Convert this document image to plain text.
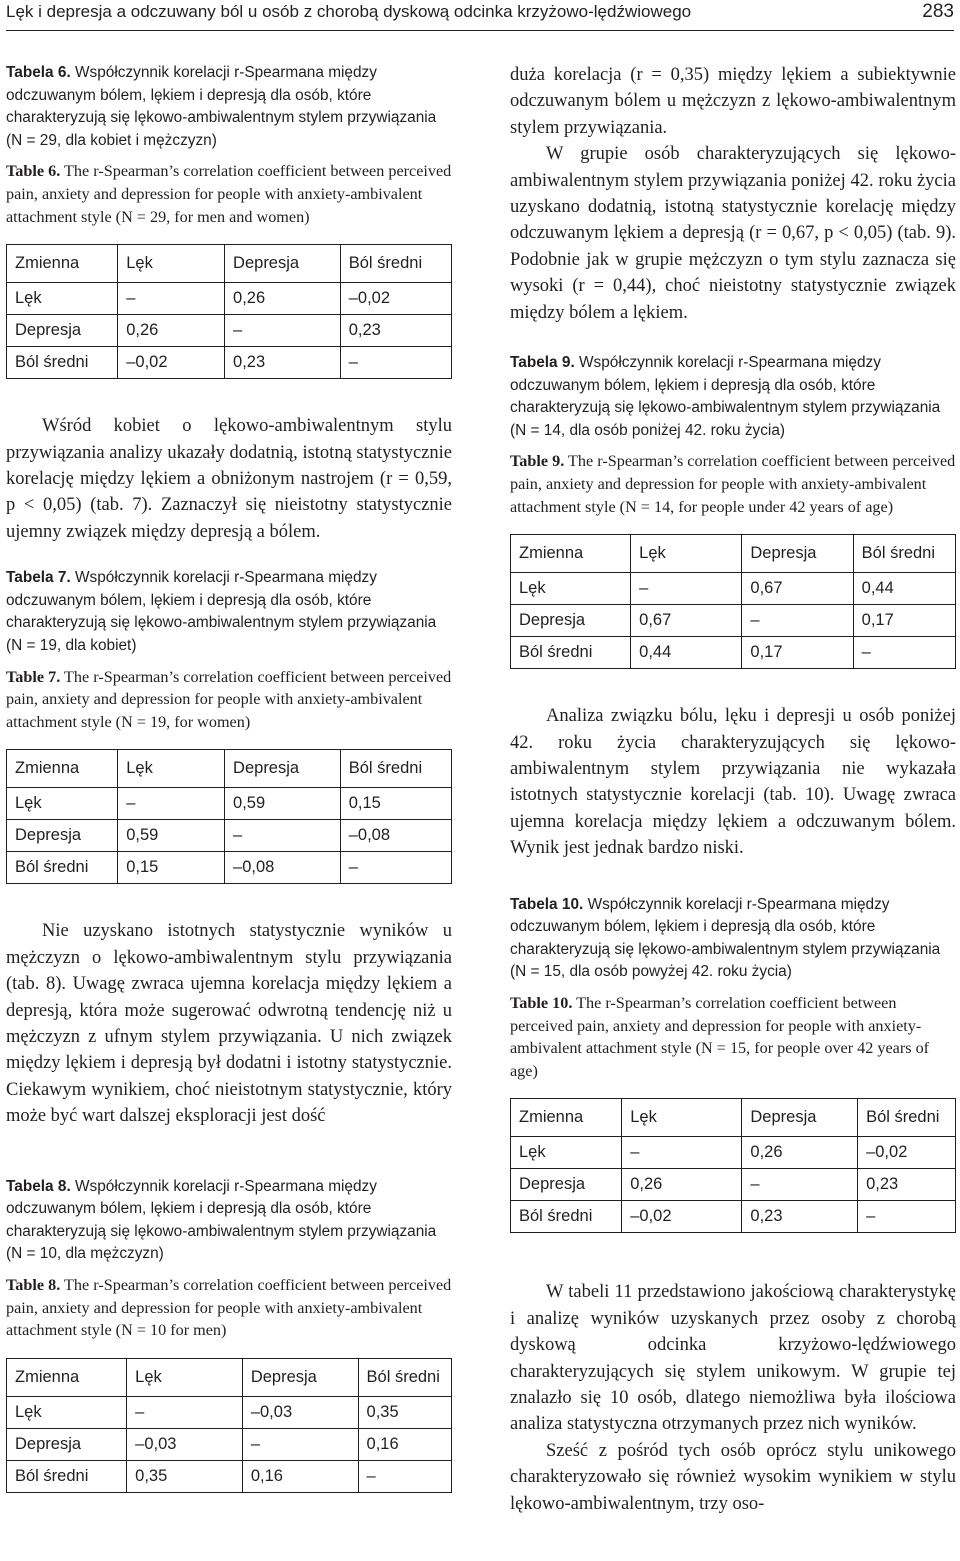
Lęk i depresja a odczuwany ból u osób z chorobą dyskową odcinka krzyżowo-lędźwiowego	283

Tabela 6. Współczynnik korelacji r-Spearmana między odczuwanym bólem, lękiem i depresją dla osób, które charakteryzują się lękowo-ambiwalentnym stylem przywiązania (N = 29, dla kobiet i mężczyzn)

Table 6. The r-Spearman’s correlation coefficient between perceived pain, anxiety and depression for people with anxiety-ambivalent attachment style (N = 29, for men and women)

Zmienna	Lęk	Depresja	Ból średni
Lęk	–	0,26	–0,02
Depresja	0,26	–	0,23
Ból średni	–0,02	0,23	–

Wśród kobiet o lękowo-ambiwalentnym stylu przywiązania analizy ukazały dodatnią, istotną statystycznie korelację między lękiem a obniżonym nastrojem (r = 0,59, p < 0,05) (tab. 7). Zaznaczył się nieistotny statystycznie ujemny związek między depresją a bólem.

Tabela 7. Współczynnik korelacji r-Spearmana między odczuwanym bólem, lękiem i depresją dla osób, które charakteryzują się lękowo-ambiwalentnym stylem przywiązania (N = 19, dla kobiet)

Table 7. The r-Spearman’s correlation coefficient between perceived pain, anxiety and depression for people with anxiety-ambivalent attachment style (N = 19, for women)

Zmienna	Lęk	Depresja	Ból średni
Lęk	–	0,59	0,15
Depresja	0,59	–	–0,08
Ból średni	0,15	–0,08	–

Nie uzyskano istotnych statystycznie wyników u mężczyzn o lękowo-ambiwalentnym stylu przywiązania (tab. 8). Uwagę zwraca ujemna korelacja między lękiem a depresją, która może sugerować odwrotną tendencję niż u mężczyzn z ufnym stylem przywiązania. U nich związek między lękiem i depresją był dodatni i istotny statystycznie. Ciekawym wynikiem, choć nieistotnym statystycznie, który może być wart dalszej eksploracji jest dość

Tabela 8. Współczynnik korelacji r-Spearmana między odczuwanym bólem, lękiem i depresją dla osób, które charakteryzują się lękowo-ambiwalentnym stylem przywiązania (N = 10, dla mężczyzn)

Table 8. The r-Spearman’s correlation coefficient between perceived pain, anxiety and depression for people with anxiety-ambivalent attachment style (N = 10 for men)

Zmienna	Lęk	Depresja	Ból średni
Lęk	–	–0,03	0,35
Depresja	–0,03	–	0,16
Ból średni	0,35	0,16	–

duża korelacja (r = 0,35) między lękiem a subiektywnie odczuwanym bólem u mężczyzn z lękowo-ambiwalentnym stylem przywiązania.

W grupie osób charakteryzujących się lękowo-ambiwalentnym stylem przywiązania poniżej 42. roku życia uzyskano dodatnią, istotną statystycznie korelację między odczuwanym lękiem a depresją (r = 0,67, p < 0,05) (tab. 9). Podobnie jak w grupie mężczyzn o tym stylu zaznacza się wysoki (r = 0,44), choć nieistotny statystycznie związek między bólem a lękiem.

Tabela 9. Współczynnik korelacji r-Spearmana między odczuwanym bólem, lękiem i depresją dla osób, które charakteryzują się lękowo-ambiwalentnym stylem przywiązania (N = 14, dla osób poniżej 42. roku życia)

Table 9. The r-Spearman’s correlation coefficient between perceived pain, anxiety and depression for people with anxiety-ambivalent attachment style (N = 14, for people under 42 years of age)

Zmienna	Lęk	Depresja	Ból średni
Lęk	–	0,67	0,44
Depresja	0,67	–	0,17
Ból średni	0,44	0,17	–

Analiza związku bólu, lęku i depresji u osób poniżej 42. roku życia charakteryzujących się lękowo-ambiwalentnym stylem przywiązania nie wykazała istotnych statystycznie korelacji (tab. 10). Uwagę zwraca ujemna korelacja między lękiem a odczuwanym bólem. Wynik jest jednak bardzo niski.

Tabela 10. Współczynnik korelacji r-Spearmana między odczuwanym bólem, lękiem i depresją dla osób, które charakteryzują się lękowo-ambiwalentnym stylem przywiązania (N = 15, dla osób powyżej 42. roku życia)

Table 10. The r-Spearman’s correlation coefficient between perceived pain, anxiety and depression for people with anxiety-ambivalent attachment style (N = 15, for people over 42 years of age)

Zmienna	Lęk	Depresja	Ból średni
Lęk	–	0,26	–0,02
Depresja	0,26	–	0,23
Ból średni	–0,02	0,23	–

W tabeli 11 przedstawiono jakościową charakterystykę i analizę wyników uzyskanych przez osoby z chorobą dyskową odcinka krzyżowo-lędźwiowego charakteryzujących się stylem unikowym. W grupie tej znalazło się 10 osób, dlatego niemożliwa była ilościowa analiza statystyczna otrzymanych przez nich wyników.

Sześć z pośród tych osób oprócz stylu unikowego charakteryzowało się również wysokim wynikiem w stylu lękowo-ambiwalentnym, trzy oso-
